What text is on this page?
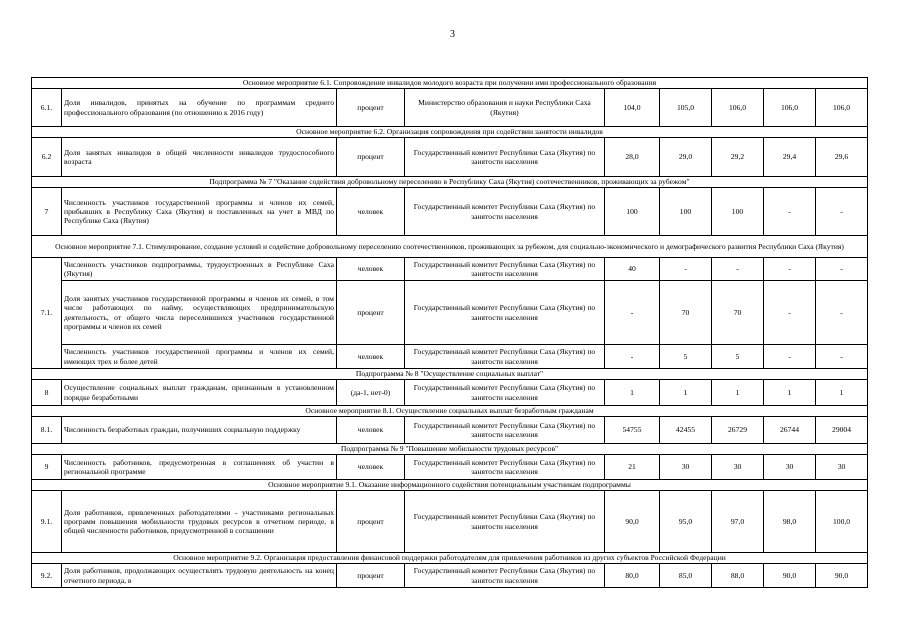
3
Основное мероприятие 6.1. Сопровождение инвалидов молодого возраста при получении ими профессионального образования								
6.1.	Доля инвалидов, принятых на обучение по программам среднего профессионального образования (по отношению к 2016 году)	процент	Министерство образования и науки Республики Саха (Якутия)	104,0	105,0	106,0	106,0	106,0
Основное мероприятие 6.2. Организация сопровождения при содействии занятости инвалидов								
6.2	Доля занятых инвалидов в общей численности инвалидов трудоспособного возраста	процент	Государственный комитет Республики Саха (Якутия) по занятости населения	28,0	29,0	29,2	29,4	29,6
Подпрограмма № 7 "Оказание содействия добровольному переселению в Республику Саха (Якутия) соотечественников, проживающих за рубежом"								
7	Численность участников государственной программы и членов их семей, прибывших в Республику Саха (Якутия) и поставленных на учет в МВД по Республике Саха (Якутия)	человек	Государственный комитет Республики Саха (Якутия) по занятости населения	100	100	100	-	-
Основное мероприятие 7.1. Стимулирование, создание условий и содействие добровольному переселению соотечественников, проживающих за рубежом, для социально-экономического и демографического развития Республики Саха (Якутия)								
7.1.	Численность участников подпрограммы, трудоустроенных в Республике Саха (Якутия)	человек	Государственный комитет Республики Саха (Якутия) по занятости населения	40	-	-	-	-
	Доля занятых участников государственной программы и членов их семей, в том числе работающих по найму, осуществляющих предпринимательскую деятельность, от общего числа переселившихся участников государственной программы и членов их семей	процент	Государственный комитет Республики Саха (Якутия) по занятости населения	-	70	70	-	-
	Численность участников государственной программы и членов их семей, имеющих трех и более детей	человек	Государственный комитет Республики Саха (Якутия) по занятости населения	-	5	5	-	-
Подпрограмма № 8 "Осуществление социальных выплат"								
8	Осуществление социальных выплат гражданам, признанным в установленном порядке безработными	(да-1, нет-0)	Государственный комитет Республики Саха (Якутия) по занятости населения	1	1	1	1	1
Основное мероприятие 8.1. Осуществление социальных выплат безработным гражданам								
8.1.	Численность безработных граждан, получивших социальную поддержку	человек	Государственный комитет Республики Саха (Якутия) по занятости населения	54755	42455	26729	26744	29004
Подпрограмма № 9 "Повышение мобильности трудовых ресурсов"								
9	Численность работников, предусмотренная в соглашениях об участии в региональной программе	человек	Государственный комитет Республики Саха (Якутия) по занятости населения	21	30	30	30	30
Основное мероприятие 9.1. Оказание информационного содействия потенциальным участникам подпрограммы								
9.1.	Доля работников, привлеченных работодателями - участниками региональных программ повышения мобильности трудовых ресурсов в отчетном периоде, в общей численности работников, предусмотренной в соглашении	процент	Государственный комитет Республики Саха (Якутия) по занятости населения	90,0	95,0	97,0	98,0	100,0
Основное мероприятие 9.2. Организация предоставления финансовой поддержки работодателям для привлечения работников из других субъектов Российской Федерации								
9.2.	Доля работников, продолжающих осуществлять трудовую деятельность на конец отчетного периода, в	процент	Государственный комитет Республики Саха (Якутия) по занятости населения	80,0	85,0	88,0	90,0	90,0
